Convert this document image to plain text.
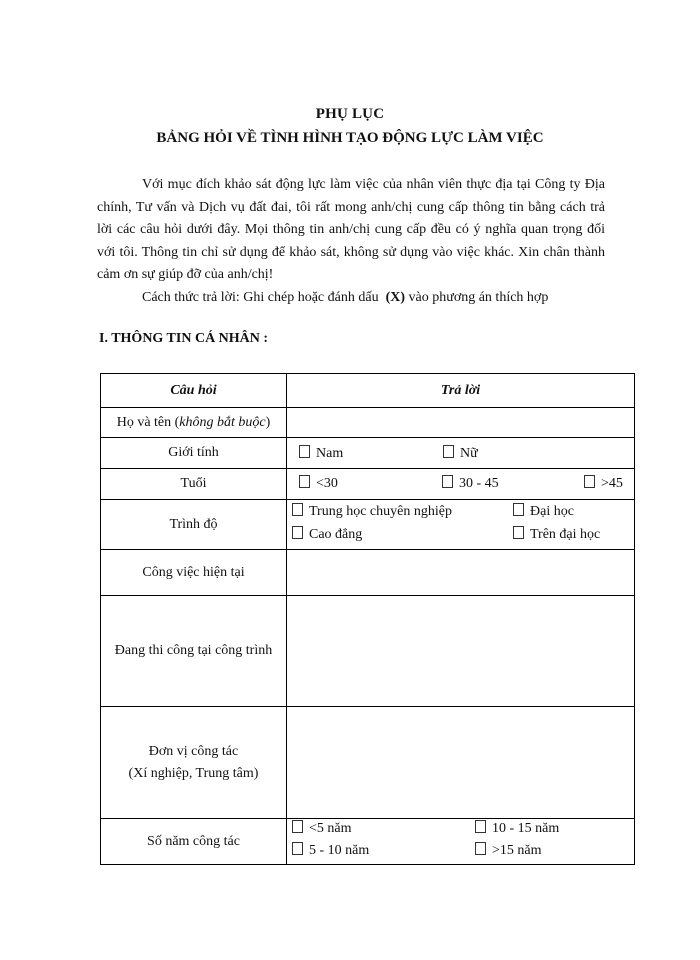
PHỤ LỤC
BẢNG HỎI VỀ TÌNH HÌNH TẠO ĐỘNG LỰC LÀM VIỆC

Với mục đích khảo sát động lực làm việc của nhân viên thực địa tại Công ty Địa chính, Tư vấn và Dịch vụ đất đai, tôi rất mong anh/chị cung cấp thông tin bằng cách trả lời các câu hỏi dưới đây. Mọi thông tin anh/chị cung cấp đều có ý nghĩa quan trọng đối với tôi. Thông tin chỉ sử dụng để khảo sát, không sử dụng vào việc khác. Xin chân thành cảm ơn sự giúp đỡ của anh/chị!

Cách thức trả lời: Ghi chép hoặc đánh dấu (X) vào phương án thích hợp

I. THÔNG TIN CÁ NHÂN :
Câu hỏi	Trả lời
Họ và tên (không bắt buộc)	
Giới tính	Nam Nữ

Tuổi	<30 30 - 45 >45

Trình độ	Trung học chuyên nghiệp Đại học
Cao đẳng Trên đại học

Công việc hiện tại	
Đang thi công tại công trình	

Đơn vị công tác
(Xí nghiệp, Trung tâm)	

Số năm công tác	<5 năm 10 - 15 năm
5 - 10 năm >15 năm
